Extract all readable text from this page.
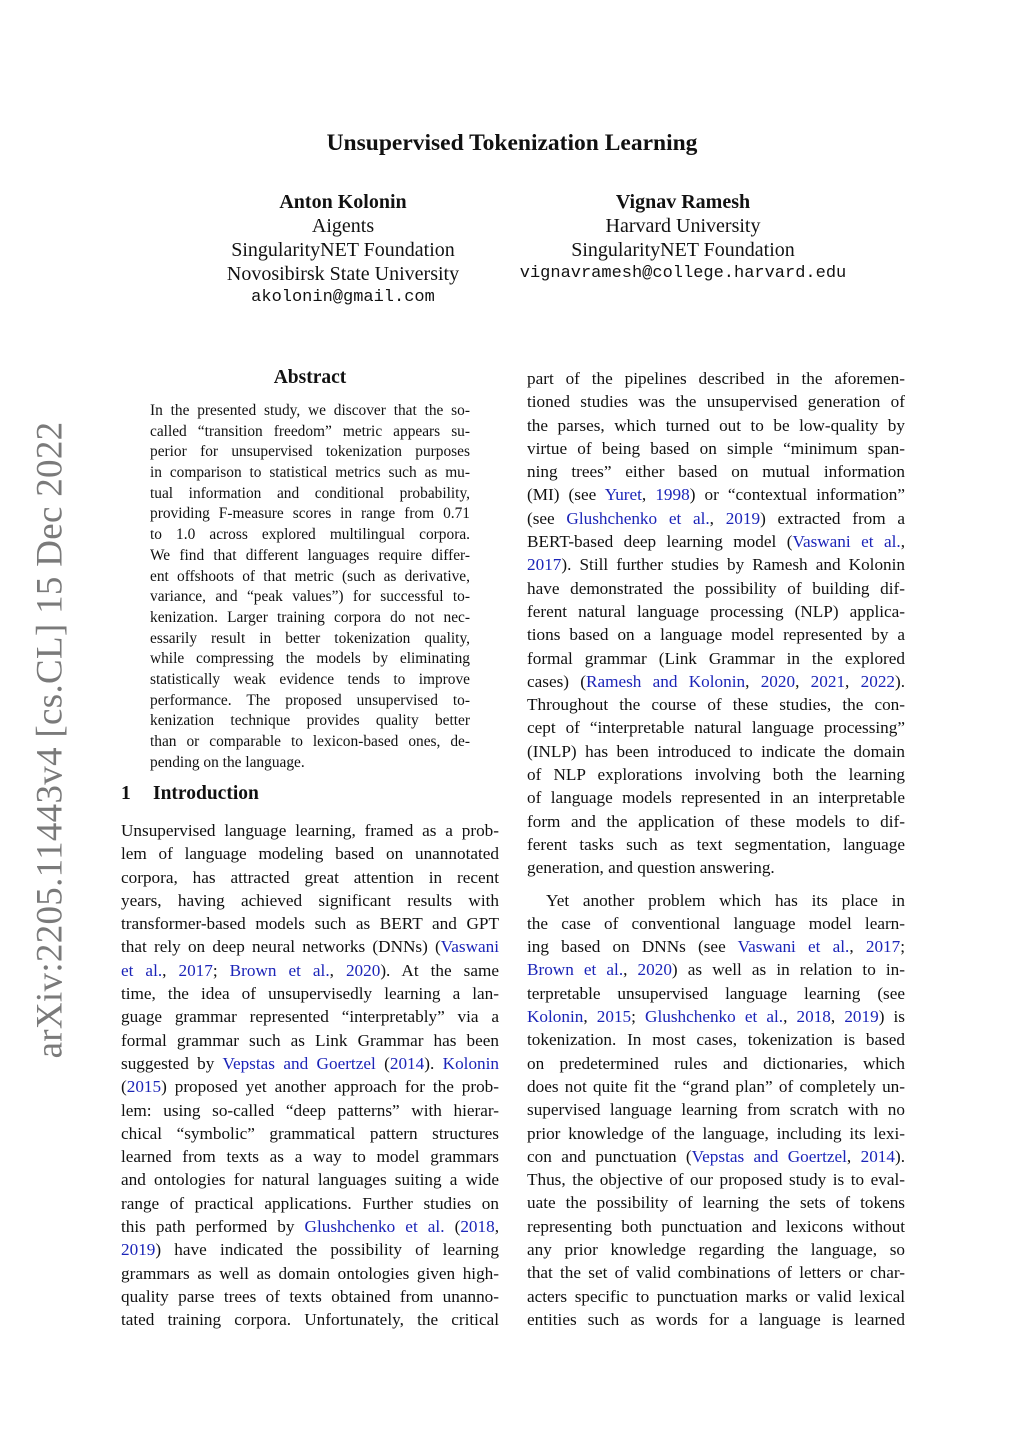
arXiv:2205.11443v4 [cs.CL] 15 Dec 2022
Unsupervised Tokenization Learning
Anton Kolonin
Aigents
SingularityNET Foundation
Novosibirsk State University
akolonin@gmail.com
Vignav Ramesh
Harvard University
SingularityNET Foundation
vignavramesh@college.harvard.edu
Abstract
In the presented study, we discover that the so-
called “transition freedom” metric appears su-
perior for unsupervised tokenization purposes
in comparison to statistical metrics such as mu-
tual information and conditional probability,
providing F-measure scores in range from 0.71
to 1.0 across explored multilingual corpora.
We find that different languages require differ-
ent offshoots of that metric (such as derivative,
variance, and “peak values”) for successful to-
kenization. Larger training corpora do not nec-
essarily result in better tokenization quality,
while compressing the models by eliminating
statistically weak evidence tends to improve
performance. The proposed unsupervised to-
kenization technique provides quality better
than or comparable to lexicon-based ones, de-
pending on the language.
1 Introduction
Unsupervised language learning, framed as a prob-
lem of language modeling based on unannotated
corpora, has attracted great attention in recent
years, having achieved significant results with
transformer-based models such as BERT and GPT
that rely on deep neural networks (DNNs) (Vaswani
et al., 2017; Brown et al., 2020). At the same
time, the idea of unsupervisedly learning a lan-
guage grammar represented “interpretably” via a
formal grammar such as Link Grammar has been
suggested by Vepstas and Goertzel (2014). Kolonin
(2015) proposed yet another approach for the prob-
lem: using so-called “deep patterns” with hierar-
chical “symbolic” grammatical pattern structures
learned from texts as a way to model grammars
and ontologies for natural languages suiting a wide
range of practical applications. Further studies on
this path performed by Glushchenko et al. (2018,
2019) have indicated the possibility of learning
grammars as well as domain ontologies given high-
quality parse trees of texts obtained from unanno-
tated training corpora. Unfortunately, the critical
part of the pipelines described in the aforemen-
tioned studies was the unsupervised generation of
the parses, which turned out to be low-quality by
virtue of being based on simple “minimum span-
ning trees” either based on mutual information
(MI) (see Yuret, 1998) or “contextual information”
(see Glushchenko et al., 2019) extracted from a
BERT-based deep learning model (Vaswani et al.,
2017). Still further studies by Ramesh and Kolonin
have demonstrated the possibility of building dif-
ferent natural language processing (NLP) applica-
tions based on a language model represented by a
formal grammar (Link Grammar in the explored
cases) (Ramesh and Kolonin, 2020, 2021, 2022).
Throughout the course of these studies, the con-
cept of “interpretable natural language processing”
(INLP) has been introduced to indicate the domain
of NLP explorations involving both the learning
of language models represented in an interpretable
form and the application of these models to dif-
ferent tasks such as text segmentation, language
generation, and question answering.
Yet another problem which has its place in
the case of conventional language model learn-
ing based on DNNs (see Vaswani et al., 2017;
Brown et al., 2020) as well as in relation to in-
terpretable unsupervised language learning (see
Kolonin, 2015; Glushchenko et al., 2018, 2019) is
tokenization. In most cases, tokenization is based
on predetermined rules and dictionaries, which
does not quite fit the “grand plan” of completely un-
supervised language learning from scratch with no
prior knowledge of the language, including its lexi-
con and punctuation (Vepstas and Goertzel, 2014).
Thus, the objective of our proposed study is to eval-
uate the possibility of learning the sets of tokens
representing both punctuation and lexicons without
any prior knowledge regarding the language, so
that the set of valid combinations of letters or char-
acters specific to punctuation marks or valid lexical
entities such as words for a language is learned
